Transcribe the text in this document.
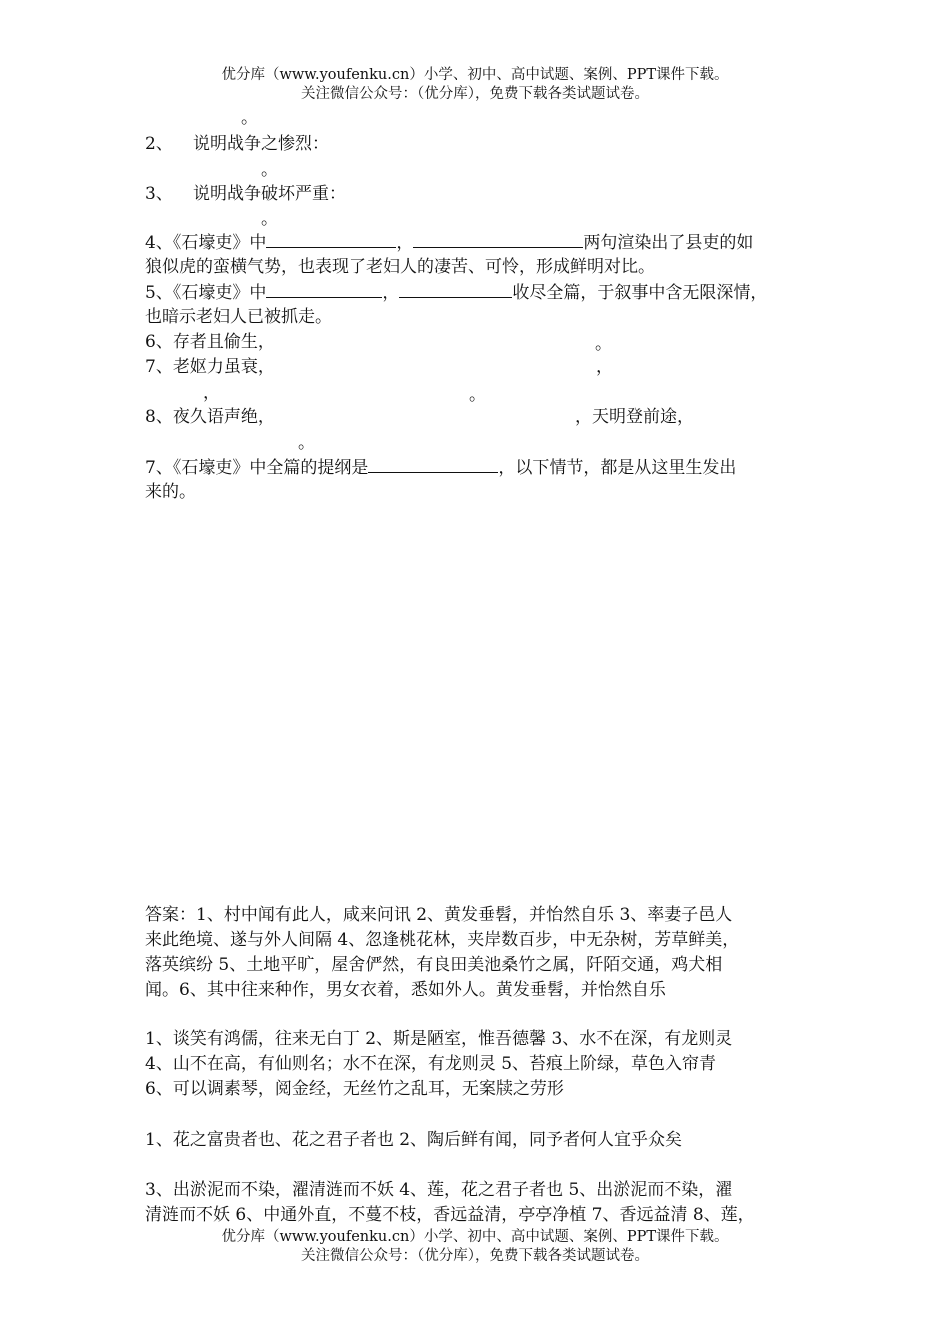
优分库（www.youfenku.cn）小学、初中、高中试题、案例、PPT课件下载。
关注微信公众号：（优分库），免费下载各类试题试卷。
。
2、 说明战争之惨烈：
。
3、 说明战争破坏严重：
。
4、《石壕吏》中	，	两句渲染出了县吏的如
狼似虎的蛮横气势，也表现了老妇人的凄苦、可怜，形成鲜明对比。
5、《石壕吏》中	，	收尽全篇，于叙事中含无限深情，
也暗示老妇人已被抓走。
6、存者且偷生，	。
7、老妪力虽衰，	，
，	。
8、夜久语声绝，	，天明登前途，
。
7、《石壕吏》中全篇的提纲是	，以下情节，都是从这里生发出
来的。
答案：1、村中闻有此人，咸来问讯 2、黄发垂髫，并怡然自乐 3、率妻子邑人
来此绝境、遂与外人间隔 4、忽逢桃花林，夹岸数百步，中无杂树，芳草鲜美，
落英缤纷 5、土地平旷，屋舍俨然，有良田美池桑竹之属，阡陌交通，鸡犬相
闻。6、其中往来种作，男女衣着，悉如外人。黄发垂髫，并怡然自乐
1、谈笑有鸿儒，往来无白丁 2、斯是陋室，惟吾德馨 3、水不在深，有龙则灵
4、山不在高，有仙则名；水不在深，有龙则灵 5、苔痕上阶绿，草色入帘青
6、可以调素琴，阅金经，无丝竹之乱耳，无案牍之劳形
1、花之富贵者也、花之君子者也 2、陶后鲜有闻，同予者何人宜乎众矣
3、出淤泥而不染，濯清涟而不妖 4、莲，花之君子者也 5、出淤泥而不染，濯
清涟而不妖 6、中通外直，不蔓不枝，香远益清，亭亭净植 7、香远益清 8、莲，
优分库（www.youfenku.cn）小学、初中、高中试题、案例、PPT课件下载。
关注微信公众号：（优分库），免费下载各类试题试卷。
